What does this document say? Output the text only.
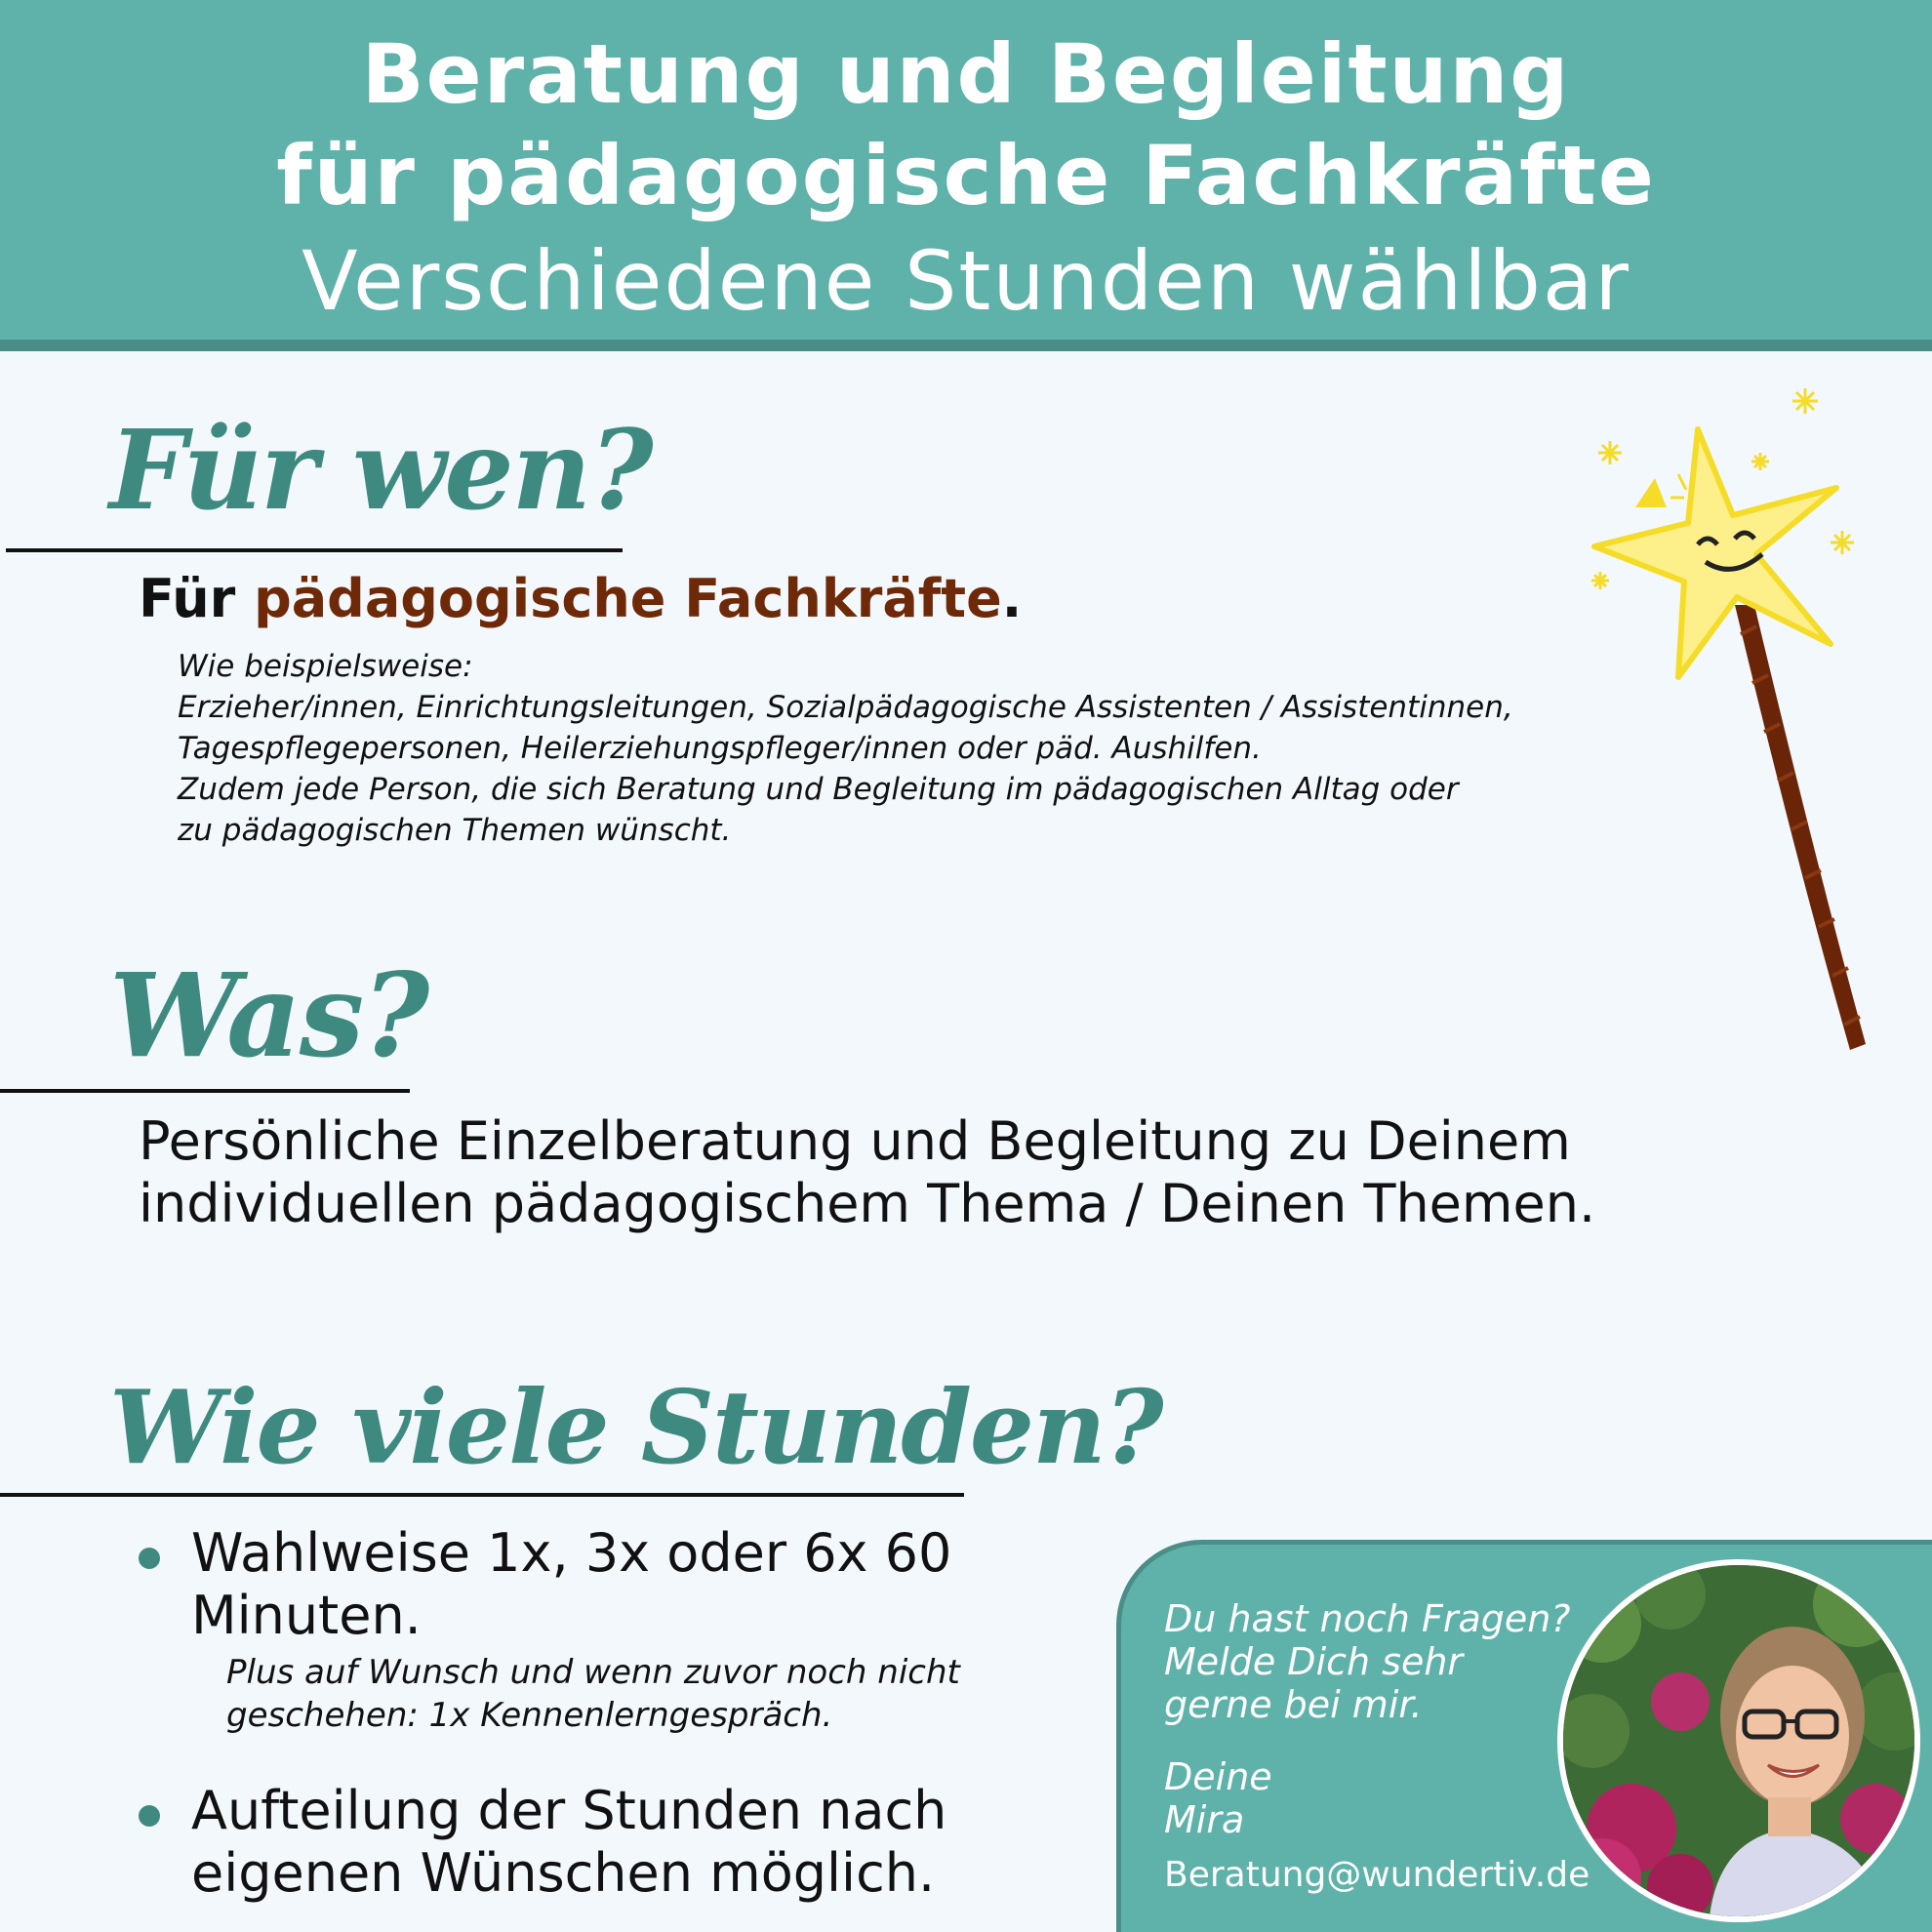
Beratung und Begleitung
für pädagogische Fachkräfte
Verschiedene Stunden wählbar
Für wen?
Für pädagogische Fachkräfte.
Wie beispielsweise:
Erzieher/innen, Einrichtungsleitungen, Sozialpädagogische Assistenten / Assistentinnen,
Tagespflegepersonen, Heilerziehungspfleger/innen oder päd. Aushilfen.
Zudem jede Person, die sich Beratung und Begleitung im pädagogischen Alltag oder
zu pädagogischen Themen wünscht.
Was?
Persönliche Einzelberatung und Begleitung zu Deinem
individuellen pädagogischem Thema / Deinen Themen.
Wie viele Stunden?
Wahlweise 1x, 3x oder 6x 60
Minuten.
Plus auf Wunsch und wenn zuvor noch nicht
geschehen: 1x Kennenlerngespräch.
Aufteilung der Stunden nach
eigenen Wünschen möglich.
Du hast noch Fragen?
Melde Dich sehr
gerne bei mir.
Deine
Mira
Beratung@wundertiv.de
